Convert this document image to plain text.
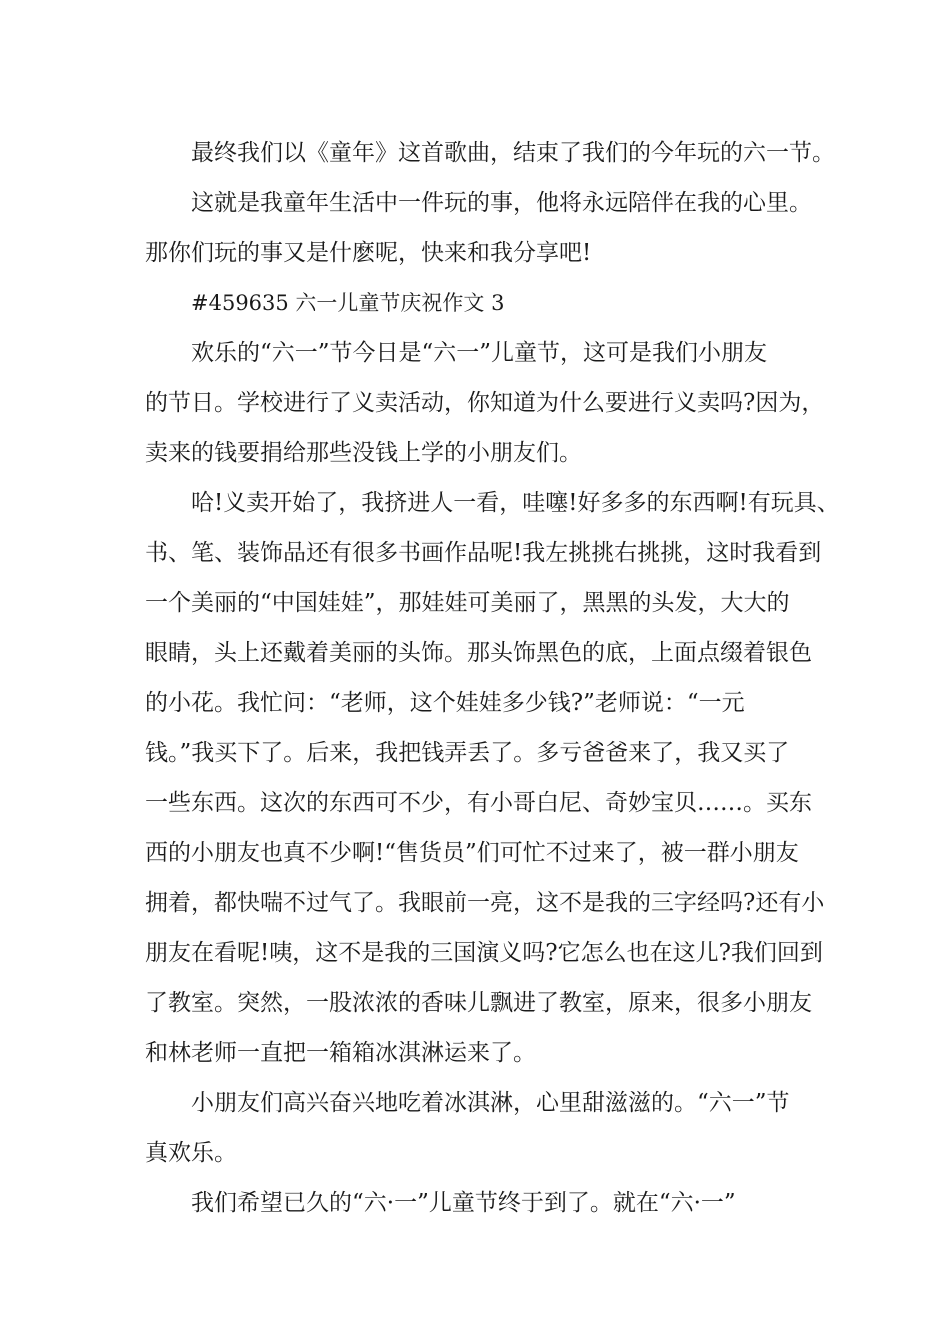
最终我们以《童年》这首歌曲，结束了我们的今年玩的六一节。

这就是我童年生活中一件玩的事，他将永远陪伴在我的心里。
那你们玩的事又是什麽呢，快来和我分享吧!

#459635 六一儿童节庆祝作文 3

欢乐的“六一”节今日是“六一”儿童节，这可是我们小朋友
的节日。学校进行了义卖活动，你知道为什么要进行义卖吗?因为，
卖来的钱要捐给那些没钱上学的小朋友们。

哈!义卖开始了，我挤进人一看，哇噻!好多多的东西啊!有玩具、
书、笔、装饰品还有很多书画作品呢!我左挑挑右挑挑，这时我看到
一个美丽的“中国娃娃”，那娃娃可美丽了，黑黑的头发，大大的
眼睛，头上还戴着美丽的头饰。那头饰黑色的底，上面点缀着银色
的小花。我忙问：“老师，这个娃娃多少钱?”老师说：“一元
钱。”我买下了。后来，我把钱弄丢了。多亏爸爸来了，我又买了
一些东西。这次的东西可不少，有小哥白尼、奇妙宝贝……。买东
西的小朋友也真不少啊!“售货员”们可忙不过来了，被一群小朋友
拥着，都快喘不过气了。我眼前一亮，这不是我的三字经吗?还有小
朋友在看呢!咦，这不是我的三国演义吗?它怎么也在这儿?我们回到
了教室。突然，一股浓浓的香味儿飘进了教室，原来，很多小朋友
和林老师一直把一箱箱冰淇淋运来了。

小朋友们高兴奋兴地吃着冰淇淋，心里甜滋滋的。“六一”节
真欢乐。

我们希望已久的“六·一”儿童节终于到了。就在“六·一”
